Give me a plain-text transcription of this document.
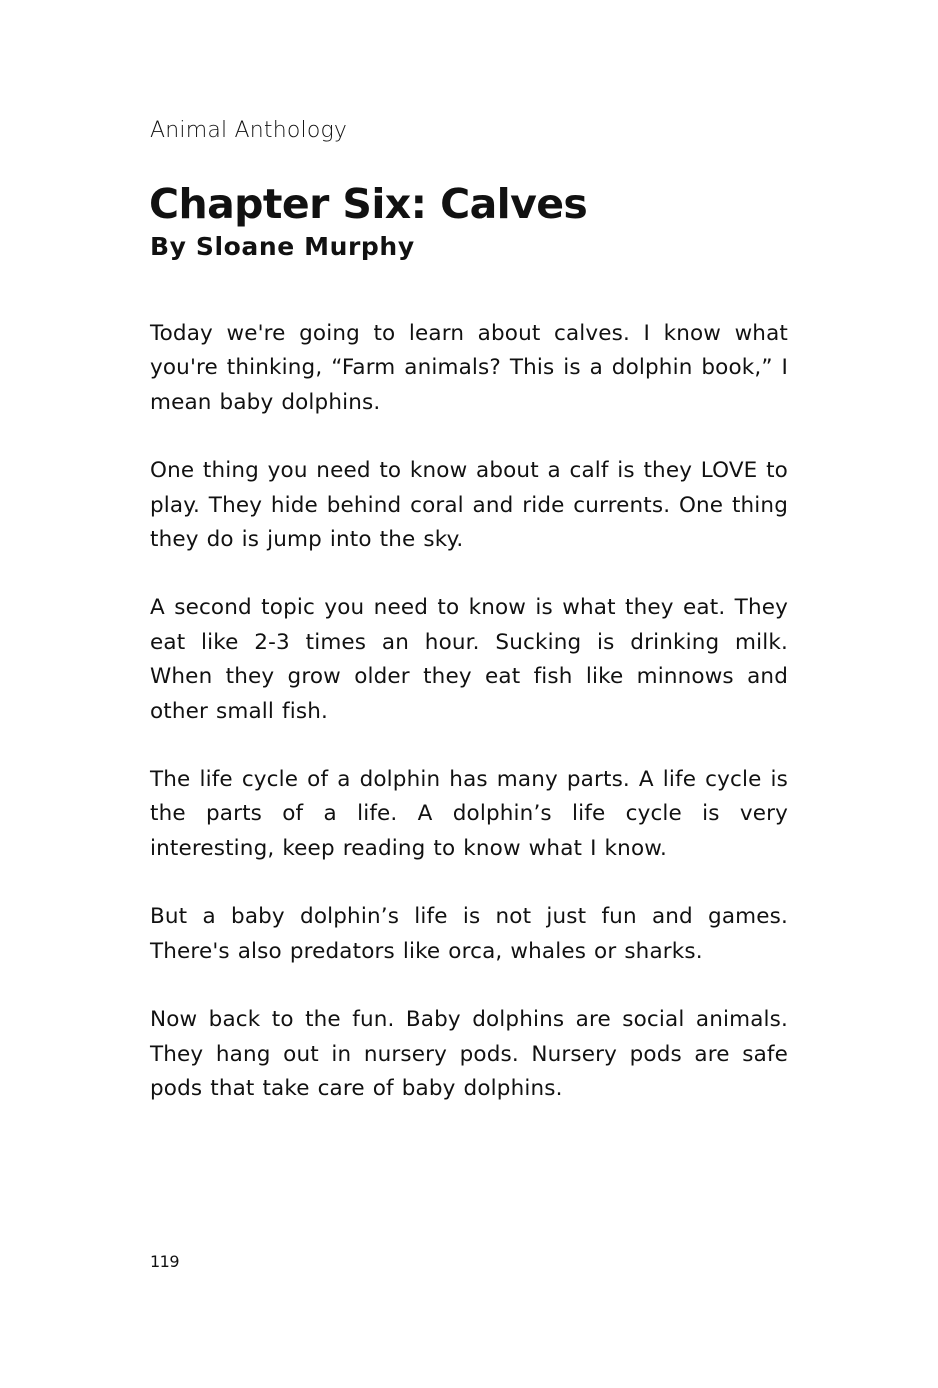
Animal Anthology
Chapter Six: Calves
By Sloane Murphy

Today we're going to learn about calves. I know what you're thinking, “Farm animals? This is a dolphin book,” I mean baby dolphins.

One thing you need to know about a calf is they LOVE to play. They hide behind coral and ride currents. One thing they do is jump into the sky.

A second topic you need to know is what they eat. They eat like 2-3 times an hour. Sucking is drinking milk. When they grow older they eat fish like minnows and other small fish.

The life cycle of a dolphin has many parts. A life cycle is the parts of a life. A dolphin’s life cycle is very interesting, keep reading to know what I know.

But a baby dolphin’s life is not just fun and games. There's also predators like orca, whales or sharks.

Now back to the fun. Baby dolphins are social animals. They hang out in nursery pods. Nursery pods are safe pods that take care of baby dolphins.

119
